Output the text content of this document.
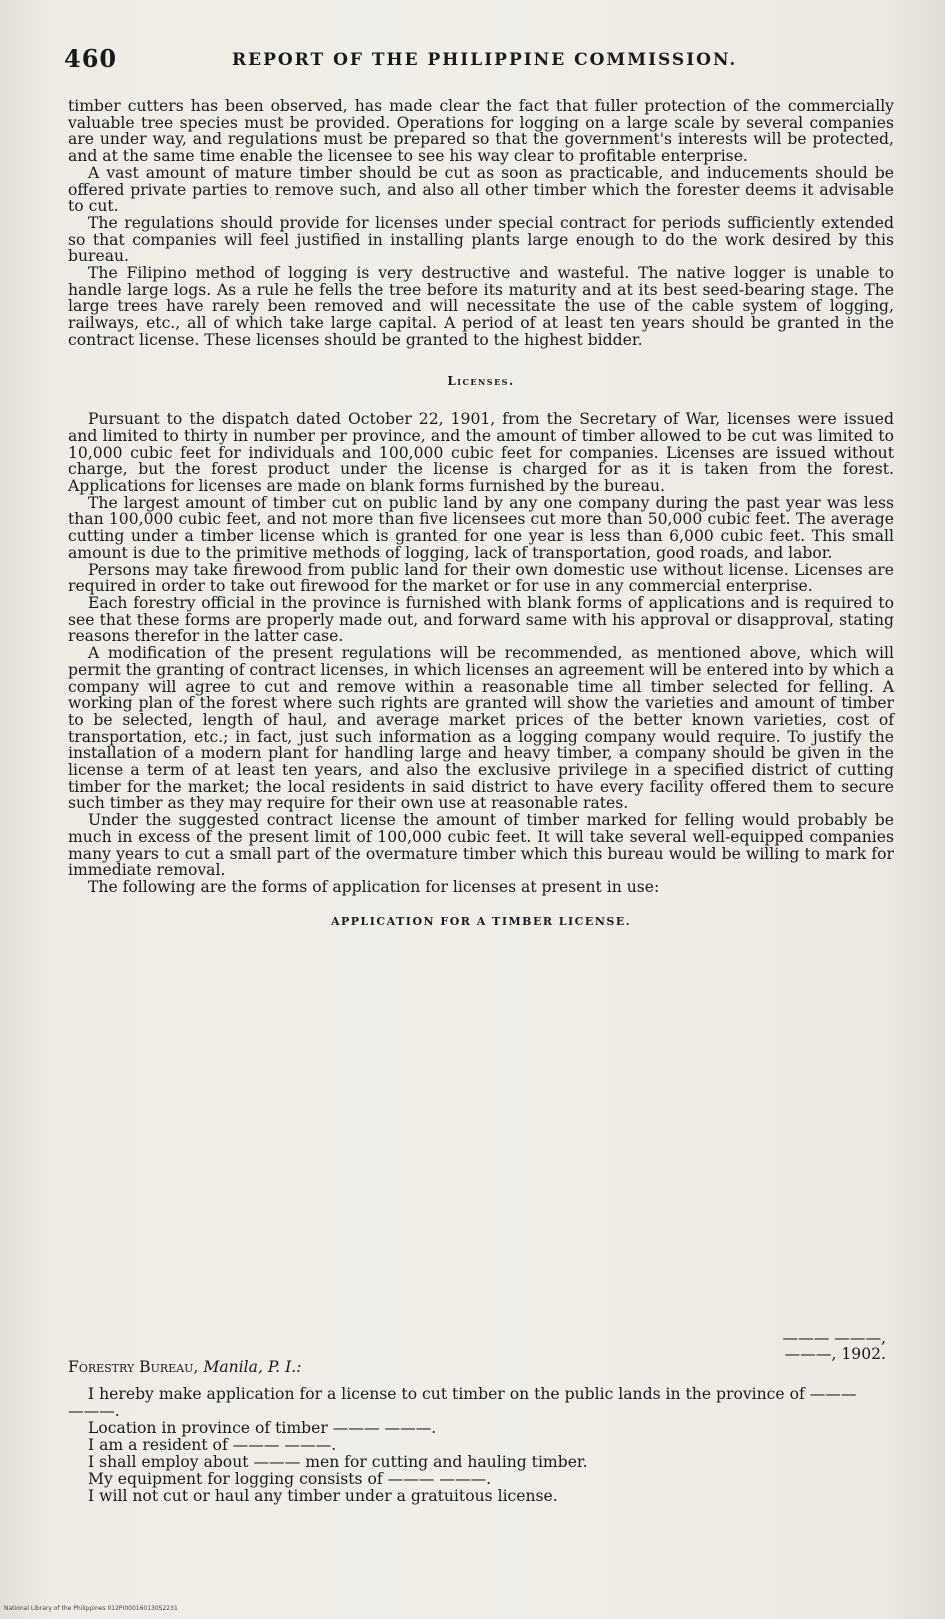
460	REPORT OF THE PHILIPPINE COMMISSION.

timber cutters has been observed, has made clear the fact that fuller protection of the commercially valuable tree species must be provided. Operations for logging on a large scale by several companies are under way, and regulations must be prepared so that the government's interests will be protected, and at the same time enable the licensee to see his way clear to profitable enterprise.

A vast amount of mature timber should be cut as soon as practicable, and inducements should be offered private parties to remove such, and also all other timber which the forester deems it advisable to cut.

The regulations should provide for licenses under special contract for periods sufficiently extended so that companies will feel justified in installing plants large enough to do the work desired by this bureau.

The Filipino method of logging is very destructive and wasteful. The native logger is unable to handle large logs. As a rule he fells the tree before its maturity and at its best seed-bearing stage. The large trees have rarely been removed and will necessitate the use of the cable system of logging, railways, etc., all of which take large capital. A period of at least ten years should be granted in the contract license. These licenses should be granted to the highest bidder.

Licenses.

Pursuant to the dispatch dated October 22, 1901, from the Secretary of War, licenses were issued and limited to thirty in number per province, and the amount of timber allowed to be cut was limited to 10,000 cubic feet for individuals and 100,000 cubic feet for companies. Licenses are issued without charge, but the forest product under the license is charged for as it is taken from the forest. Applications for licenses are made on blank forms furnished by the bureau.

The largest amount of timber cut on public land by any one company during the past year was less than 100,000 cubic feet, and not more than five licensees cut more than 50,000 cubic feet. The average cutting under a timber license which is granted for one year is less than 6,000 cubic feet. This small amount is due to the primitive methods of logging, lack of transportation, good roads, and labor.

Persons may take firewood from public land for their own domestic use without license. Licenses are required in order to take out firewood for the market or for use in any commercial enterprise.

Each forestry official in the province is furnished with blank forms of applications and is required to see that these forms are properly made out, and forward same with his approval or disapproval, stating reasons therefor in the latter case.

A modification of the present regulations will be recommended, as mentioned above, which will permit the granting of contract licenses, in which licenses an agreement will be entered into by which a company will agree to cut and remove within a reasonable time all timber selected for felling. A working plan of the forest where such rights are granted will show the varieties and amount of timber to be selected, length of haul, and average market prices of the better known varieties, cost of transportation, etc.; in fact, just such information as a logging company would require. To justify the installation of a modern plant for handling large and heavy timber, a company should be given in the license a term of at least ten years, and also the exclusive privilege in a specified district of cutting timber for the market; the local residents in said district to have every facility offered them to secure such timber as they may require for their own use at reasonable rates.

Under the suggested contract license the amount of timber marked for felling would probably be much in excess of the present limit of 100,000 cubic feet. It will take several well-equipped companies many years to cut a small part of the overmature timber which this bureau would be willing to mark for immediate removal.

The following are the forms of application for licenses at present in use:

APPLICATION FOR A TIMBER LICENSE.
——— ———,
———, 1902.
Forestry Bureau, Manila, P. I.:

I hereby make application for a license to cut timber on the public lands in the province of ——— ———.

Location in province of timber ——— ———.

I am a resident of ——— ———.

I shall employ about ——— men for cutting and hauling timber.

My equipment for logging consists of ——— ———.

I will not cut or haul any timber under a gratuitous license.

National Library of the Philippines 012PI00016013052231
